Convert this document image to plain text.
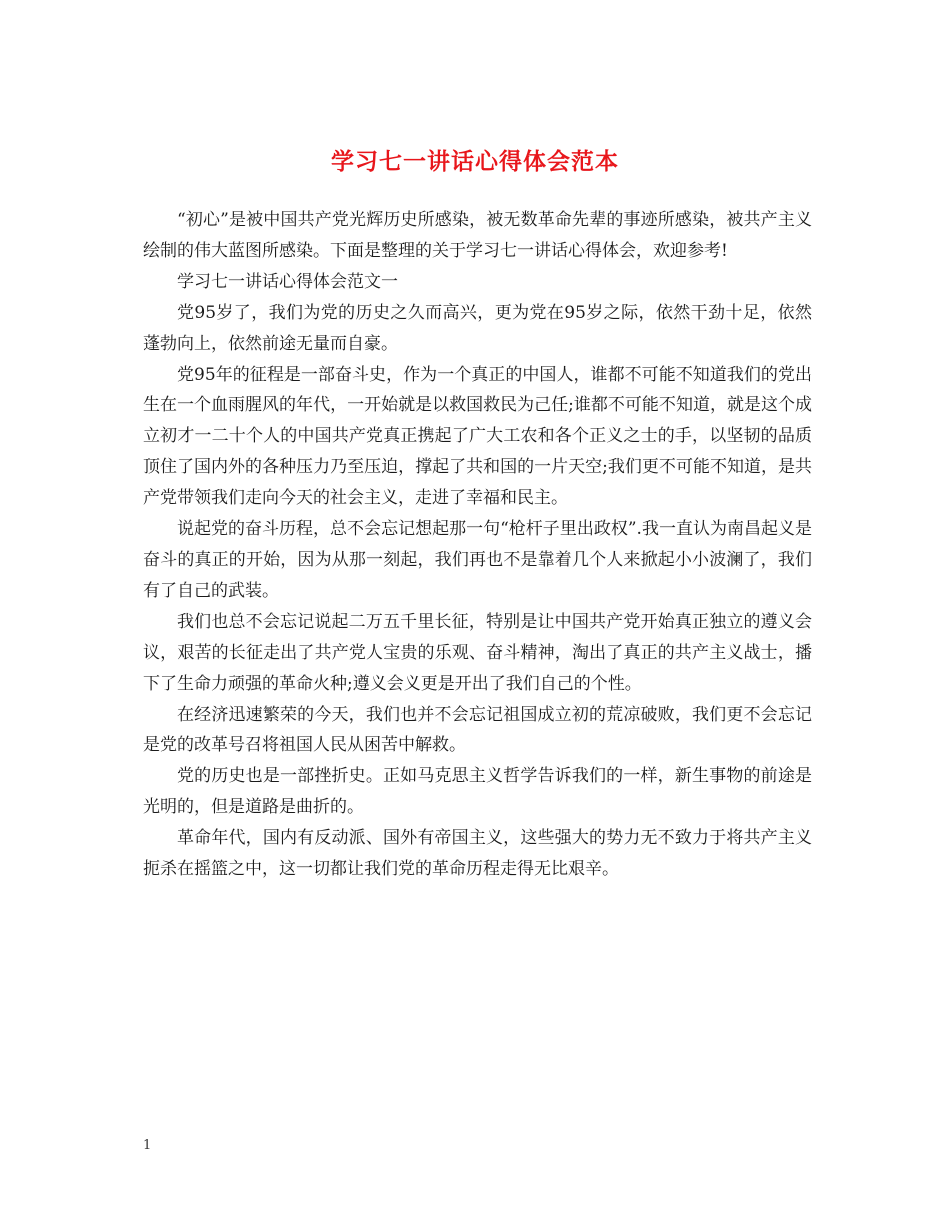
学习七一讲话心得体会范本

“初心”是被中国共产党光辉历史所感染，被无数革命先辈的事迹所感染，被共产主义绘制的伟大蓝图所感染。下面是整理的关于学习七一讲话心得体会，欢迎参考!

学习七一讲话心得体会范文一

党95岁了，我们为党的历史之久而高兴，更为党在95岁之际，依然干劲十足，依然蓬勃向上，依然前途无量而自豪。

党95年的征程是一部奋斗史，作为一个真正的中国人，谁都不可能不知道我们的党出生在一个血雨腥风的年代，一开始就是以救国救民为己任;谁都不可能不知道，就是这个成立初才一二十个人的中国共产党真正携起了广大工农和各个正义之士的手，以坚韧的品质顶住了国内外的各种压力乃至压迫，撑起了共和国的一片天空;我们更不可能不知道，是共产党带领我们走向今天的社会主义，走进了幸福和民主。

说起党的奋斗历程，总不会忘记想起那一句“枪杆子里出政权”.我一直认为南昌起义是奋斗的真正的开始，因为从那一刻起，我们再也不是靠着几个人来掀起小小波澜了，我们有了自己的武装。

我们也总不会忘记说起二万五千里长征，特别是让中国共产党开始真正独立的遵义会议，艰苦的长征走出了共产党人宝贵的乐观、奋斗精神，淘出了真正的共产主义战士，播下了生命力顽强的革命火种;遵义会义更是开出了我们自己的个性。

在经济迅速繁荣的今天，我们也并不会忘记祖国成立初的荒凉破败，我们更不会忘记是党的改革号召将祖国人民从困苦中解救。

党的历史也是一部挫折史。正如马克思主义哲学告诉我们的一样，新生事物的前途是光明的，但是道路是曲折的。

革命年代，国内有反动派、国外有帝国主义，这些强大的势力无不致力于将共产主义扼杀在摇篮之中，这一切都让我们党的革命历程走得无比艰辛。

1
